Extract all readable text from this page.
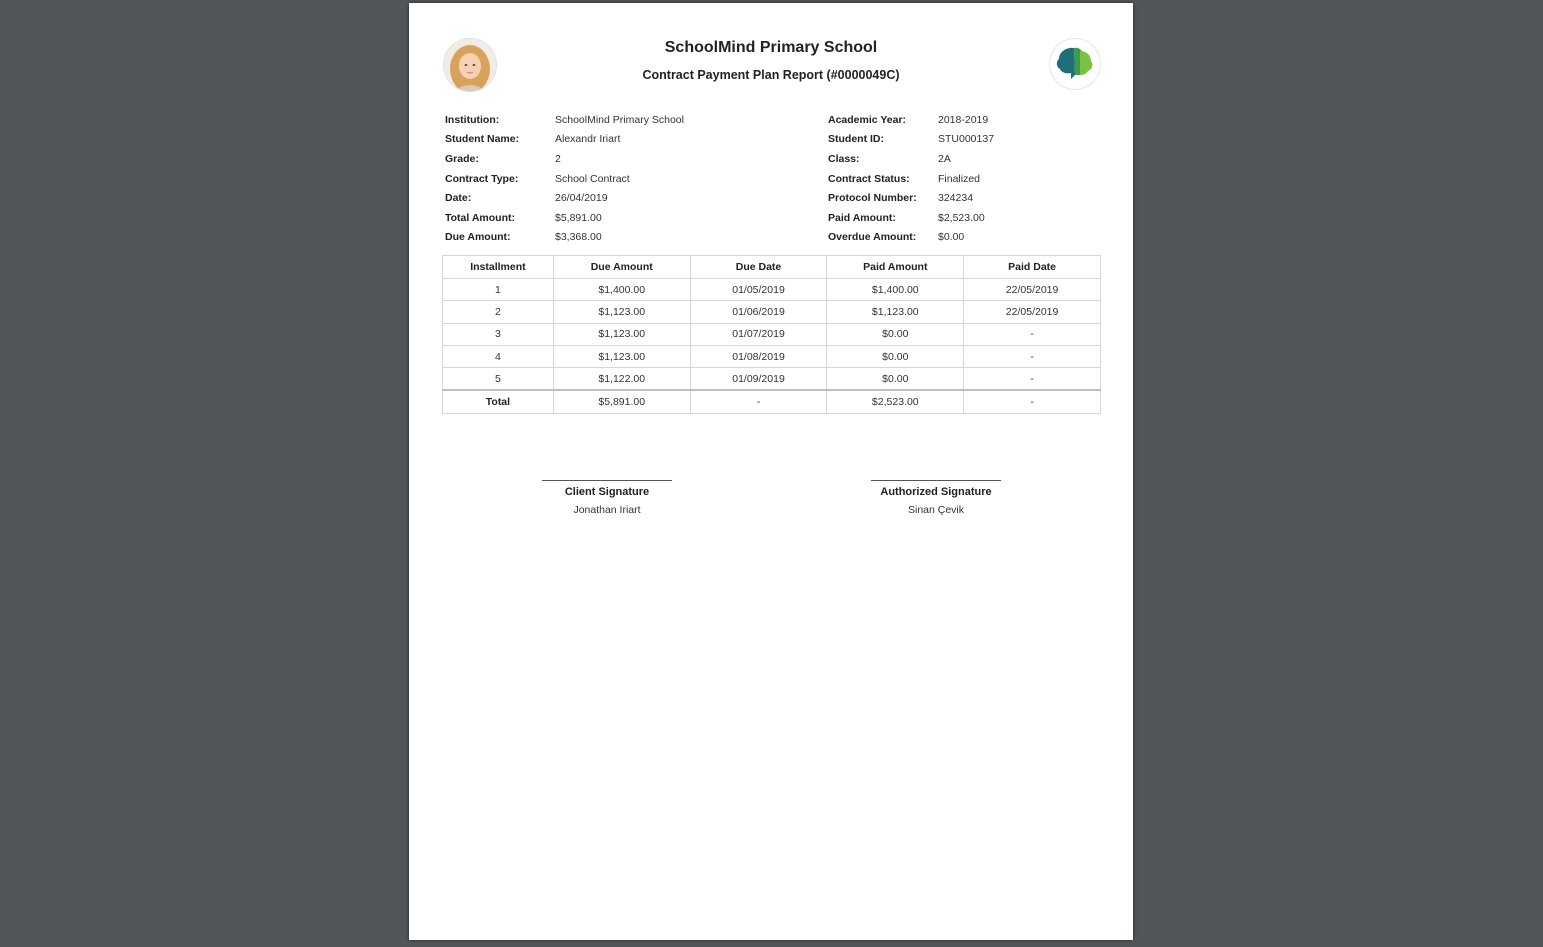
SchoolMind Primary School
Contract Payment Plan Report (#0000049C)
Institution:	SchoolMind Primary School
Student Name:	Alexandr Iriart
Grade:	2
Contract Type:	School Contract
Date:	26/04/2019
Total Amount:	$5,891.00
Due Amount:	$3,368.00
Academic Year:	2018-2019
Student ID:	STU000137
Class:	2A
Contract Status:	Finalized
Protocol Number:	324234
Paid Amount:	$2,523.00
Overdue Amount:	$0.00
Installment	Due Amount	Due Date	Paid Amount	Paid Date
1	$1,400.00	01/05/2019	$1,400.00	22/05/2019
2	$1,123.00	01/06/2019	$1,123.00	22/05/2019
3	$1,123.00	01/07/2019	$0.00	-
4	$1,123.00	01/08/2019	$0.00	-
5	$1,122.00	01/09/2019	$0.00	-
Total	$5,891.00	-	$2,523.00	-
Client Signature
Jonathan Iriart
Authorized Signature
Sinan Çevik
